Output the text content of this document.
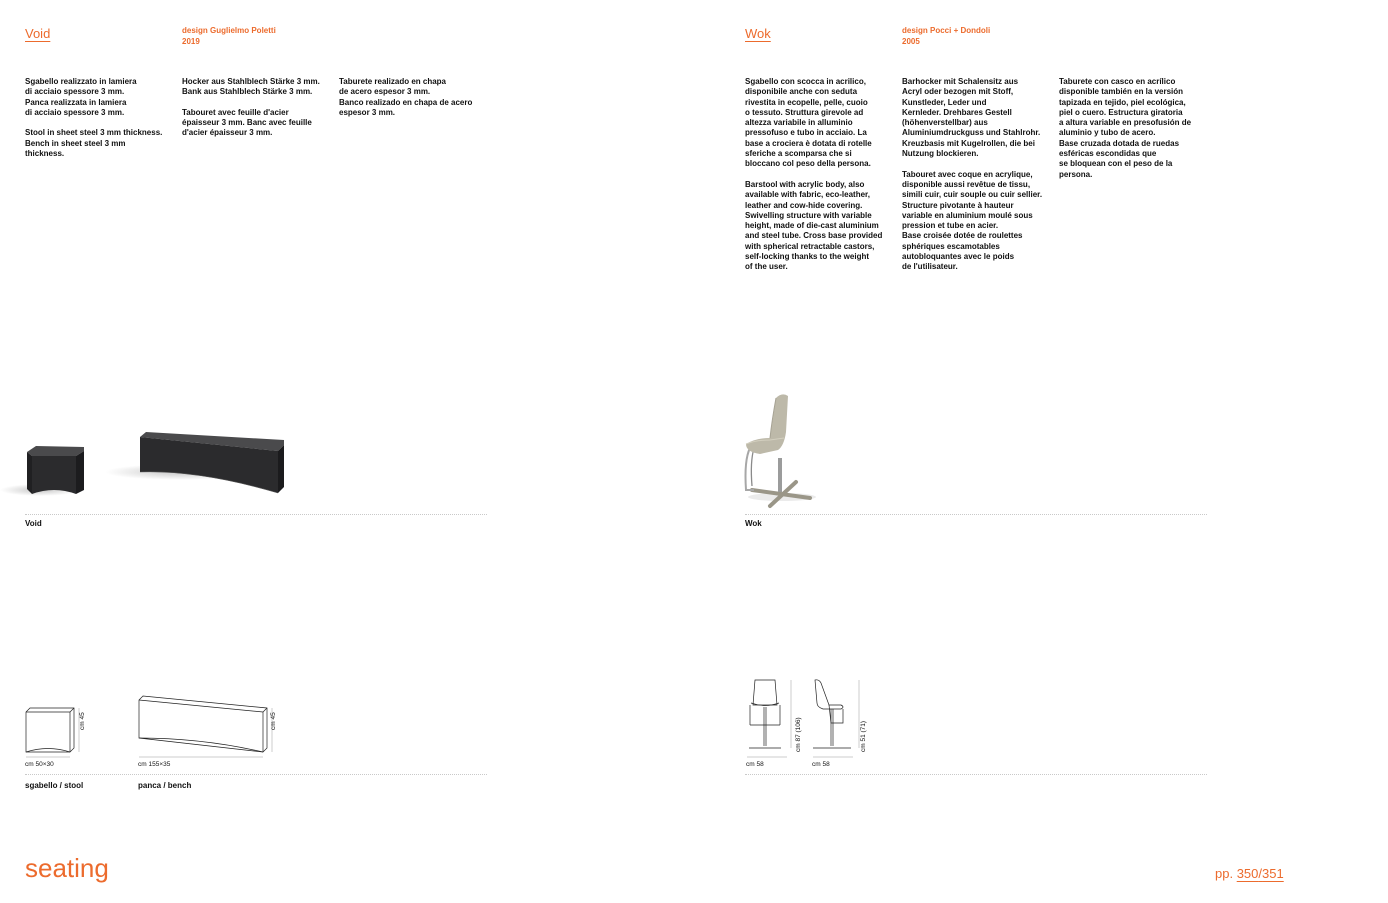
Void	design Guglielmo Poletti
2019

Sgabello realizzato in lamiera
di acciaio spessore 3 mm.
Panca realizzata in lamiera
di acciaio spessore 3 mm.

Stool in sheet steel 3 mm thickness.
Bench in sheet steel 3 mm
thickness.

Hocker aus Stahlblech Stärke 3 mm.
Bank aus Stahlblech Stärke 3 mm.

Tabouret avec feuille d'acier
épaisseur 3 mm. Banc avec feuille
d'acier épaisseur 3 mm.

Taburete realizado en chapa
de acero espesor 3 mm.
Banco realizado en chapa de acero
espesor 3 mm.

Void
cm 45	cm 45
cm 50×30	cm 155×35
sgabello / stool	panca / bench
Wok	design Pocci + Dondoli
2005

Sgabello con scocca in acrilico,
disponibile anche con seduta
rivestita in ecopelle, pelle, cuoio
o tessuto. Struttura girevole ad
altezza variabile in alluminio
pressofuso e tubo in acciaio. La
base a crociera è dotata di rotelle
sferiche a scomparsa che si
bloccano col peso della persona.

Barstool with acrylic body, also
available with fabric, eco-leather,
leather and cow-hide covering.
Swivelling structure with variable
height, made of die-cast aluminium
and steel tube. Cross base provided
with spherical retractable castors,
self-locking thanks to the weight
of the user.

Barhocker mit Schalensitz aus
Acryl oder bezogen mit Stoff,
Kunstleder, Leder und
Kernleder. Drehbares Gestell
(höhenverstellbar) aus
Aluminiumdruckguss und Stahlrohr.
Kreuzbasis mit Kugelrollen, die bei
Nutzung blockieren.

Tabouret avec coque en acrylique,
disponible aussi revêtue de tissu,
simili cuir, cuir souple ou cuir sellier.
Structure pivotante à hauteur
variable en aluminium moulé sous
pression et tube en acier.
Base croisée dotée de roulettes
sphériques escamotables
autobloquantes avec le poids
de l'utilisateur.

Taburete con casco en acrílico
disponible también en la versión
tapizada en tejido, piel ecológica,
piel o cuero. Estructura giratoria
a altura variable en presofusión de
aluminio y tubo de acero.
Base cruzada dotada de ruedas
esféricas escondidas que
se bloquean con el peso de la
persona.

Wok
cm 87 (106)	cm 51 (71)
cm 58	cm 58
seating	pp. 350/351
